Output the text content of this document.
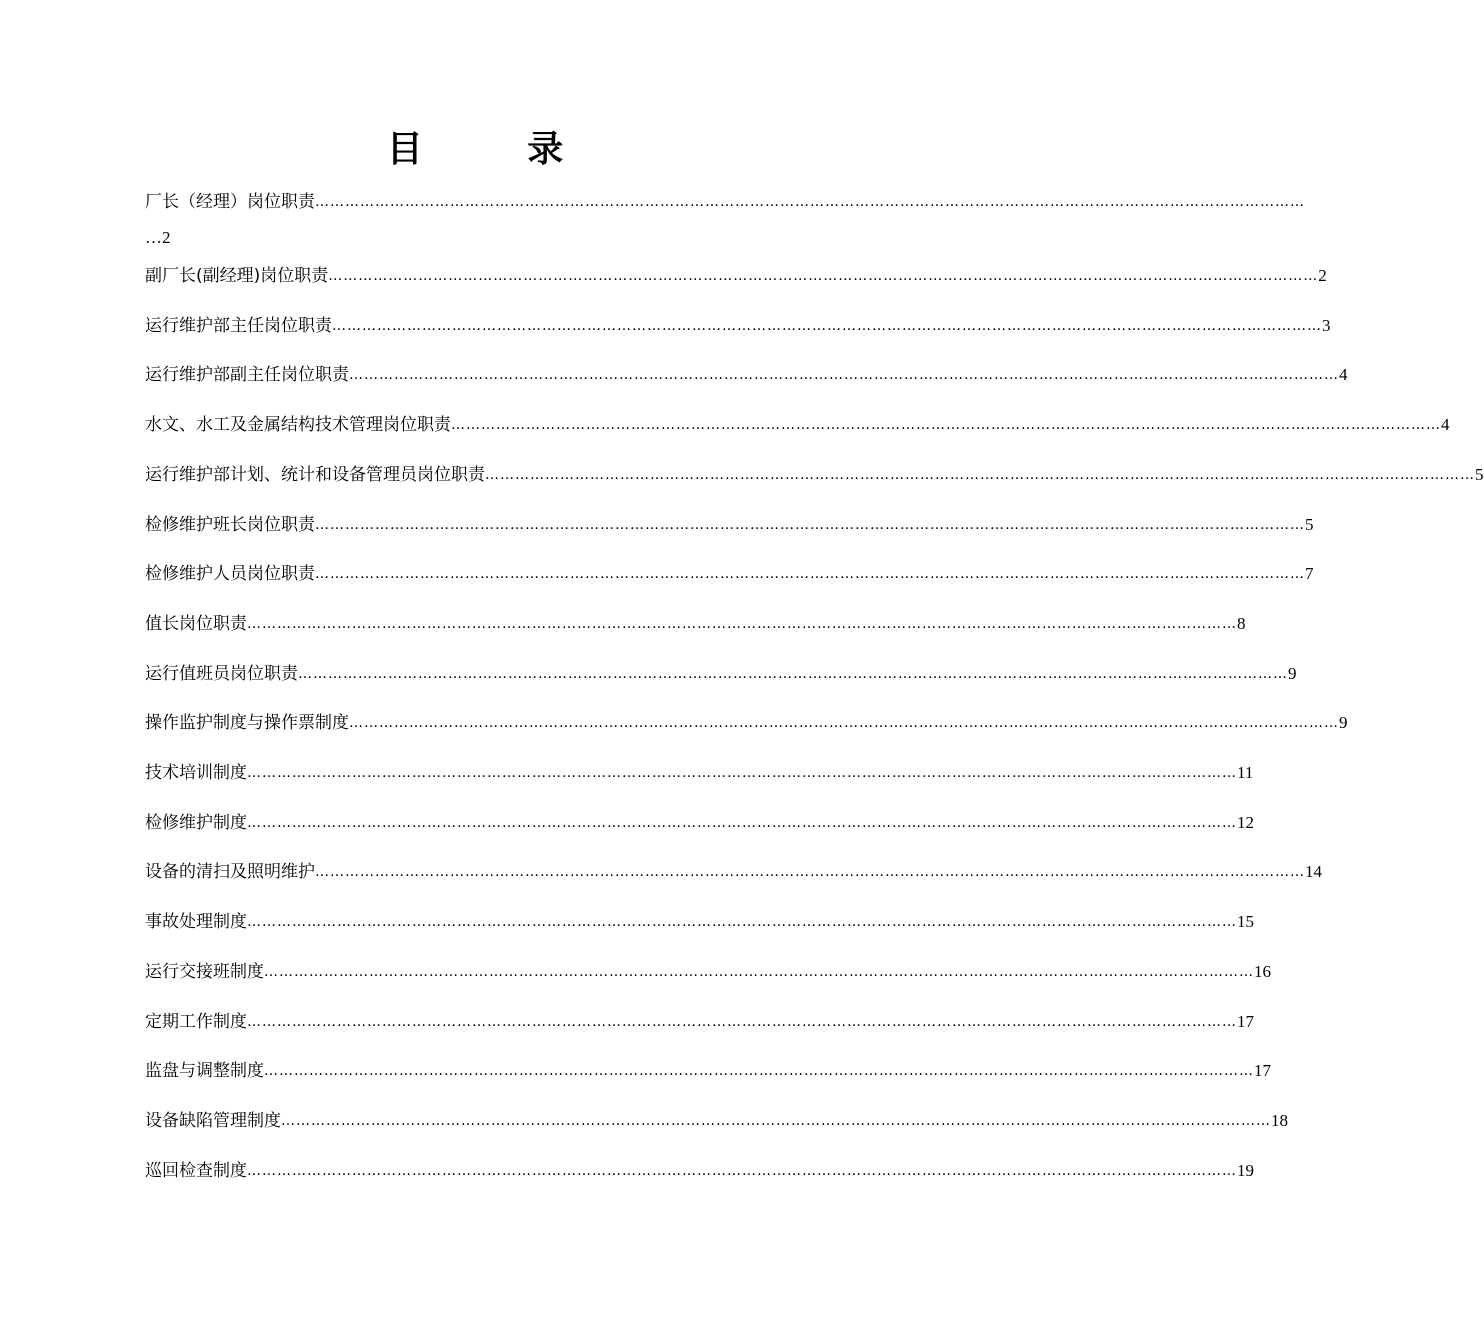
目 录
厂长（经理）岗位职责 ………………………………………………………………………………………………………………………………………………………………………………
…2
副厂长(副经理)岗位职责 ……………………………………………………………………………………………………………………………………………………………………………… 2
运行维护部主任岗位职责 ……………………………………………………………………………………………………………………………………………………………………………… 3
运行维护部副主任岗位职责 ……………………………………………………………………………………………………………………………………………………………………………… 4
水文、水工及金属结构技术管理岗位职责 ……………………………………………………………………………………………………………………………………………………………………………… 4
运行维护部计划、统计和设备管理员岗位职责 ……………………………………………………………………………………………………………………………………………………………………………… 5
检修维护班长岗位职责 ……………………………………………………………………………………………………………………………………………………………………………… 5
检修维护人员岗位职责 ……………………………………………………………………………………………………………………………………………………………………………… 7
值长岗位职责 ……………………………………………………………………………………………………………………………………………………………………………… 8
运行值班员岗位职责 ……………………………………………………………………………………………………………………………………………………………………………… 9
操作监护制度与操作票制度 ……………………………………………………………………………………………………………………………………………………………………………… 9
技术培训制度 ……………………………………………………………………………………………………………………………………………………………………………… 11
检修维护制度 ……………………………………………………………………………………………………………………………………………………………………………… 12
设备的清扫及照明维护 ……………………………………………………………………………………………………………………………………………………………………………… 14
事故处理制度 ……………………………………………………………………………………………………………………………………………………………………………… 15
运行交接班制度 ……………………………………………………………………………………………………………………………………………………………………………… 16
定期工作制度 ……………………………………………………………………………………………………………………………………………………………………………… 17
监盘与调整制度 ……………………………………………………………………………………………………………………………………………………………………………… 17
设备缺陷管理制度 ……………………………………………………………………………………………………………………………………………………………………………… 18
巡回检查制度 ……………………………………………………………………………………………………………………………………………………………………………… 19
